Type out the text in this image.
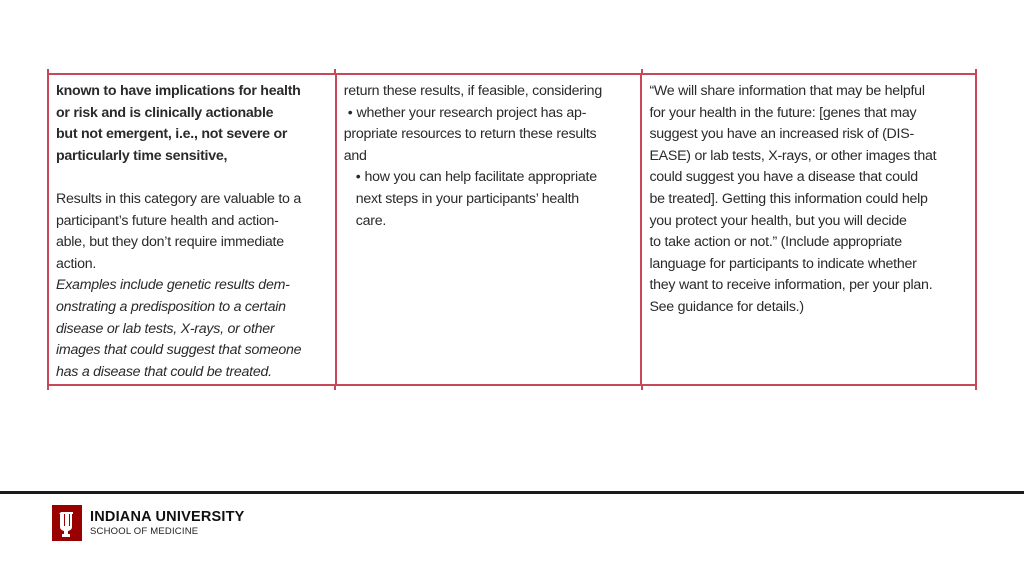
known to have implications for health
or risk and is clinically actionable
but not emergent, i.e., not severe or
particularly time sensitive,

Results in this category are valuable to a
participant’s future health and action-
able, but they don’t require immediate
action.

Examples include genetic results dem-
onstrating a predisposition to a certain
disease or lab tests, X-rays, or other
images that could suggest that someone
has a disease that could be treated.

return these results, if feasible, considering
• whether your research project has ap-
propriate resources to return these results
and
• how you can help facilitate appropriate
next steps in your participants’ health
care.

“We will share information that may be helpful
for your health in the future: [genes that may
suggest you have an increased risk of (DIS-
EASE) or lab tests, X-rays, or other images that
could suggest you have a disease that could
be treated]. Getting this information could help
you protect your health, but you will decide
to take action or not.” (Include appropriate
language for participants to indicate whether
they want to receive information, per your plan.
See guidance for details.)

INDIANA UNIVERSITY
SCHOOL OF MEDICINE
